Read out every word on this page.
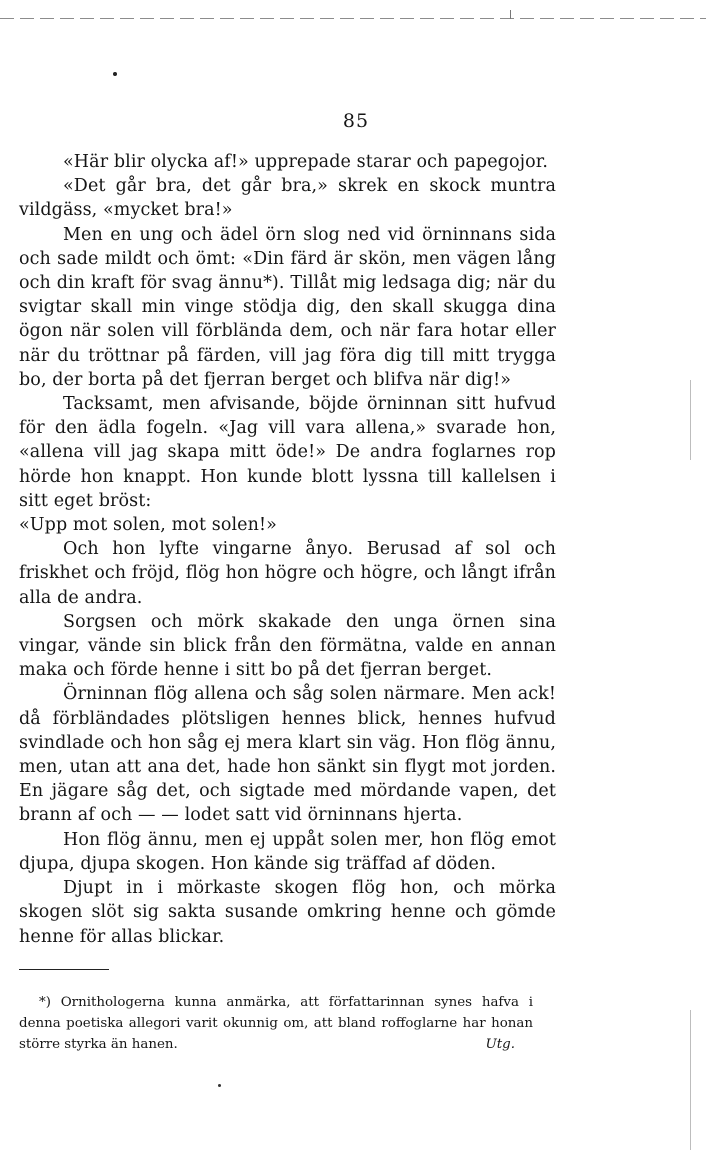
85

«Här blir olycka af!» upprepade starar och papegojor.

«Det går bra, det går bra,» skrek en skock muntra vildgäss, «mycket bra!»

Men en ung och ädel örn slog ned vid örninnans sida och sade mildt och ömt: «Din färd är skön, men vägen lång och din kraft för svag ännu*). Tillåt mig ledsaga dig; när du svigtar skall min vinge stödja dig, den skall skugga dina ögon när solen vill förblända dem, och när fara hotar eller när du tröttnar på färden, vill jag föra dig till mitt trygga bo, der borta på det fjerran berget och blifva när dig!»

Tacksamt, men afvisande, böjde örninnan sitt hufvud för den ädla fogeln. «Jag vill vara allena,» svarade hon, «allena vill jag skapa mitt öde!» De andra foglarnes rop hörde hon knappt. Hon kunde blott lyssna till kallelsen i sitt eget bröst:

«Upp mot solen, mot solen!»

Och hon lyfte vingarne ånyo. Berusad af sol och friskhet och fröjd, flög hon högre och högre, och långt ifrån alla de andra.

Sorgsen och mörk skakade den unga örnen sina vingar, vände sin blick från den förmätna, valde en annan maka och förde henne i sitt bo på det fjerran berget.

Örninnan flög allena och såg solen närmare. Men ack! då förbländades plötsligen hennes blick, hennes hufvud svindlade och hon såg ej mera klart sin väg. Hon flög ännu, men, utan att ana det, hade hon sänkt sin flygt mot jorden. En jägare såg det, och sigtade med mördande vapen, det brann af och — — lodet satt vid örninnans hjerta.

Hon flög ännu, men ej uppåt solen mer, hon flög emot djupa, djupa skogen. Hon kände sig träffad af döden.

Djupt in i mörkaste skogen flög hon, och mörka skogen slöt sig sakta susande omkring henne och gömde henne för allas blickar.

*) Ornithologerna kunna anmärka, att författarinnan synes hafva i denna poetiska allegori varit okunnig om, att bland roffoglarne har honan större styrka än hanen.	Utg.
